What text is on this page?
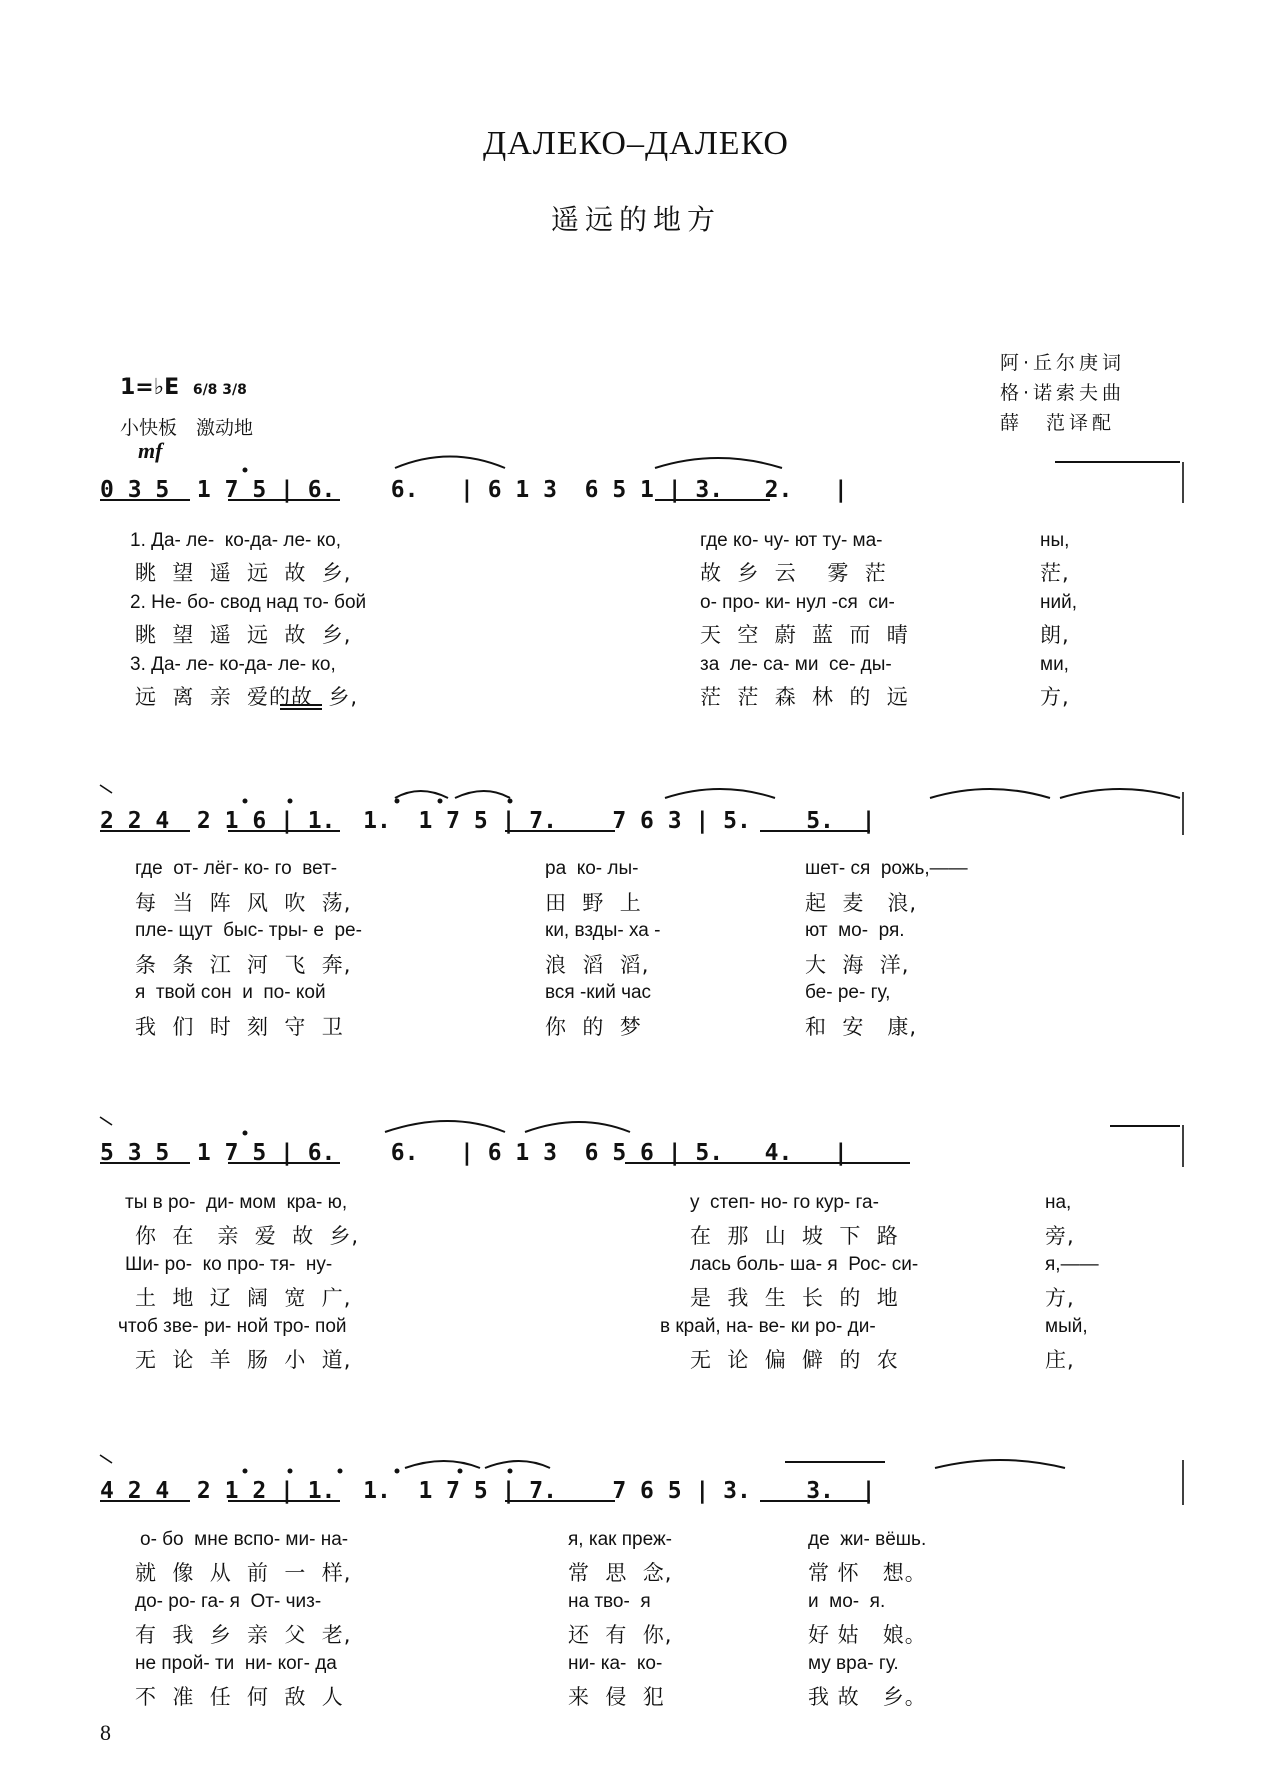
ДАЛЕКО–ДАЛЕКО
遥远的地方
阿·丘尔庚词
格·诺索夫曲
薛　范译配
1=♭E 6/8 3/8
小快板　激动地
mf
0 3 5  1 7 5 | 6.    6.   | 6 1 3  6 5 1 | 3.   2.   |
1. Да- ле-  ко-да- ле- ко,	где ко- чу- ют ту- ма-	ны,
眺  望  遥  远  故  乡,	故  乡  云    雾  茫	茫,
2. Не- бо- свод над то- бой	о- про- ки- нул -ся  си-	ний,
眺  望  遥  远  故  乡,	天  空  蔚  蓝  而  晴	朗,
3. Да- ле- ко-да- ле- ко,	за  ле- са- ми  се- ды-	ми,
远  离  亲  爱的故  乡,	茫  茫  森  林  的  远	方,
2 2 4  2 1 6 | 1.  1.  1 7 5 | 7.    7 6 3 | 5.    5.  |
где  от- лёг- ко- го  вет-	ра  ко- лы-	шет- ся  рожь,——
每  当  阵  风  吹  荡,	田  野  上	起  麦   浪,
пле- щут  быс- тры- е  ре-	ки, взды- ха -	ют  мо-  ря.
条  条  江  河  飞  奔,	浪  滔  滔,	大  海  洋,
я  твой сон  и  по- кой	вся -кий час	бе- ре- гу,
我  们  时  刻  守  卫	你  的  梦	和  安   康,
5 3 5  1 7 5 | 6.    6.   | 6 1 3  6 5 6 | 5.   4.   |
ты в ро-  ди- мом  кра- ю,	у  степ- но- го кур- га-	на,
你  在   亲  爱  故  乡,	在  那  山  坡  下  路	旁,
Ши- ро-  ко про- тя-  ну-	лась боль- ша- я  Рос- си-	я,——
土  地  辽  阔  宽  广,	是  我  生  长  的  地	方,
чтоб зве- ри- ной тро- пой	в край, на- ве- ки ро- ди-	мый,
无  论  羊  肠  小  道,	无  论  偏  僻  的  农	庄,
4 2 4  2 1 2 | 1.  1.  1 7 5 | 7.    7 6 5 | 3.    3.  |
о- бо  мне вспо- ми- на-	я, как преж-	де  жи- вёшь.
就  像  从  前  一  样,	常  思  念,	常 怀   想。
до- ро- га- я  От- чиз-	на тво-  я	и  мо-  я.
有  我  乡  亲  父  老,	还  有  你,	好 姑   娘。
не прой- ти  ни- ког- да	ни- ка-  ко-	му вра- гу.
不  准  任  何  敌  人	来  侵  犯	我 故   乡。
8
